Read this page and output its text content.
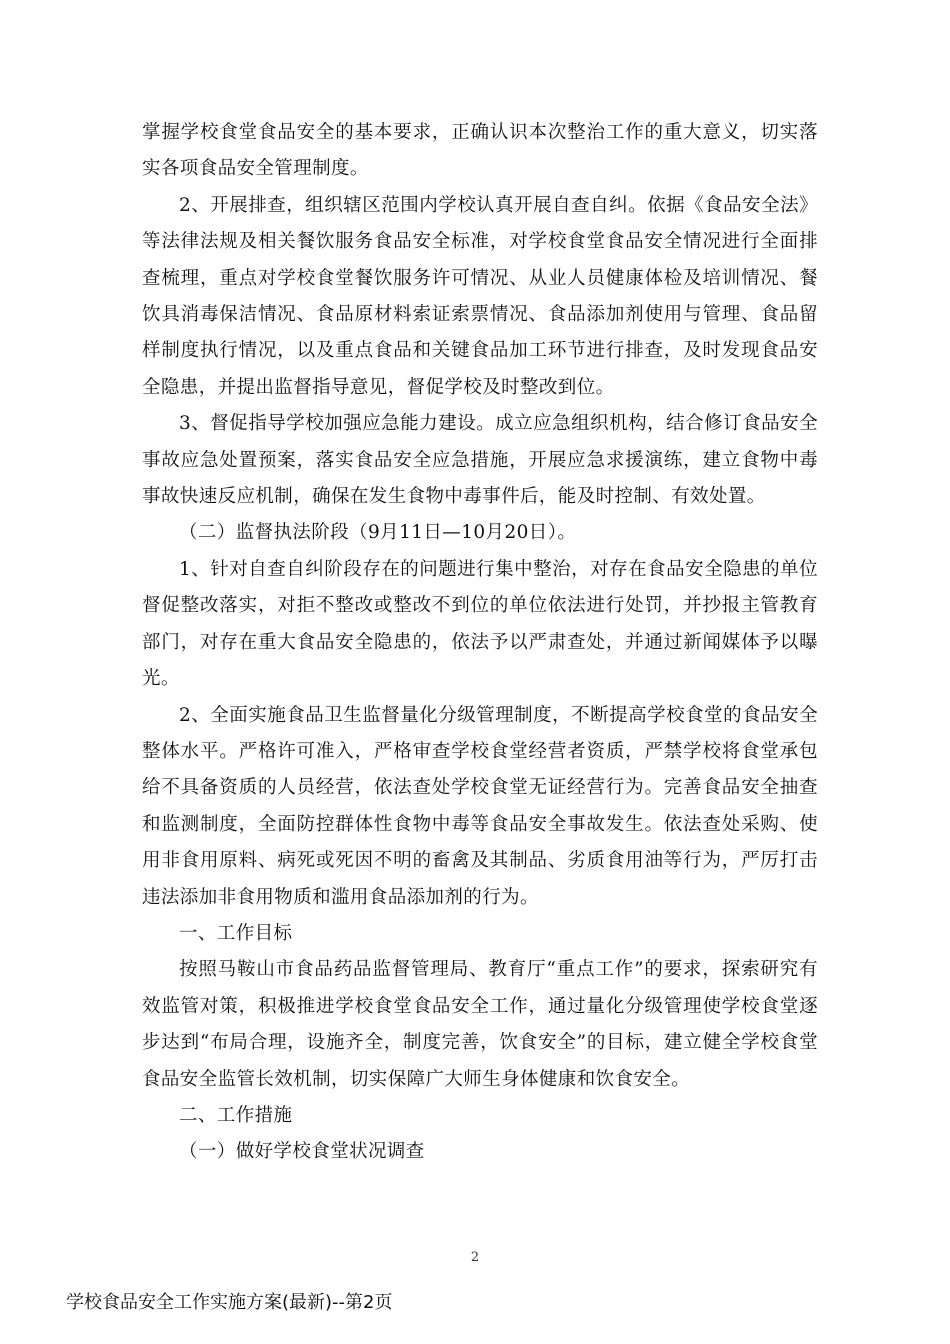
掌握学校食堂食品安全的基本要求，正确认识本次整治工作的重大意义，切实落实各项食品安全管理制度。

2、开展排查，组织辖区范围内学校认真开展自查自纠。依据《食品安全法》等法律法规及相关餐饮服务食品安全标准，对学校食堂食品安全情况进行全面排查梳理，重点对学校食堂餐饮服务许可情况、从业人员健康体检及培训情况、餐饮具消毒保洁情况、食品原材料索证索票情况、食品添加剂使用与管理、食品留样制度执行情况，以及重点食品和关键食品加工环节进行排查，及时发现食品安全隐患，并提出监督指导意见，督促学校及时整改到位。

3、督促指导学校加强应急能力建设。成立应急组织机构，结合修订食品安全事故应急处置预案，落实食品安全应急措施，开展应急求援演练，建立食物中毒事故快速反应机制，确保在发生食物中毒事件后，能及时控制、有效处置。

（二）监督执法阶段（9月11日—10月20日）。

1、针对自查自纠阶段存在的问题进行集中整治，对存在食品安全隐患的单位督促整改落实，对拒不整改或整改不到位的单位依法进行处罚，并抄报主管教育部门，对存在重大食品安全隐患的，依法予以严肃查处，并通过新闻媒体予以曝光。

2、全面实施食品卫生监督量化分级管理制度，不断提高学校食堂的食品安全整体水平。严格许可准入，严格审查学校食堂经营者资质，严禁学校将食堂承包给不具备资质的人员经营，依法查处学校食堂无证经营行为。完善食品安全抽查和监测制度，全面防控群体性食物中毒等食品安全事故发生。依法查处采购、使用非食用原料、病死或死因不明的畜禽及其制品、劣质食用油等行为，严厉打击违法添加非食用物质和滥用食品添加剂的行为。

一、工作目标

按照马鞍山市食品药品监督管理局、教育厅“重点工作”的要求，探索研究有效监管对策，积极推进学校食堂食品安全工作，通过量化分级管理使学校食堂逐步达到“布局合理，设施齐全，制度完善，饮食安全”的目标，建立健全学校食堂食品安全监管长效机制，切实保障广大师生身体健康和饮食安全。

二、工作措施

（一）做好学校食堂状况调查

2
学校食品安全工作实施方案(最新)--第2页
